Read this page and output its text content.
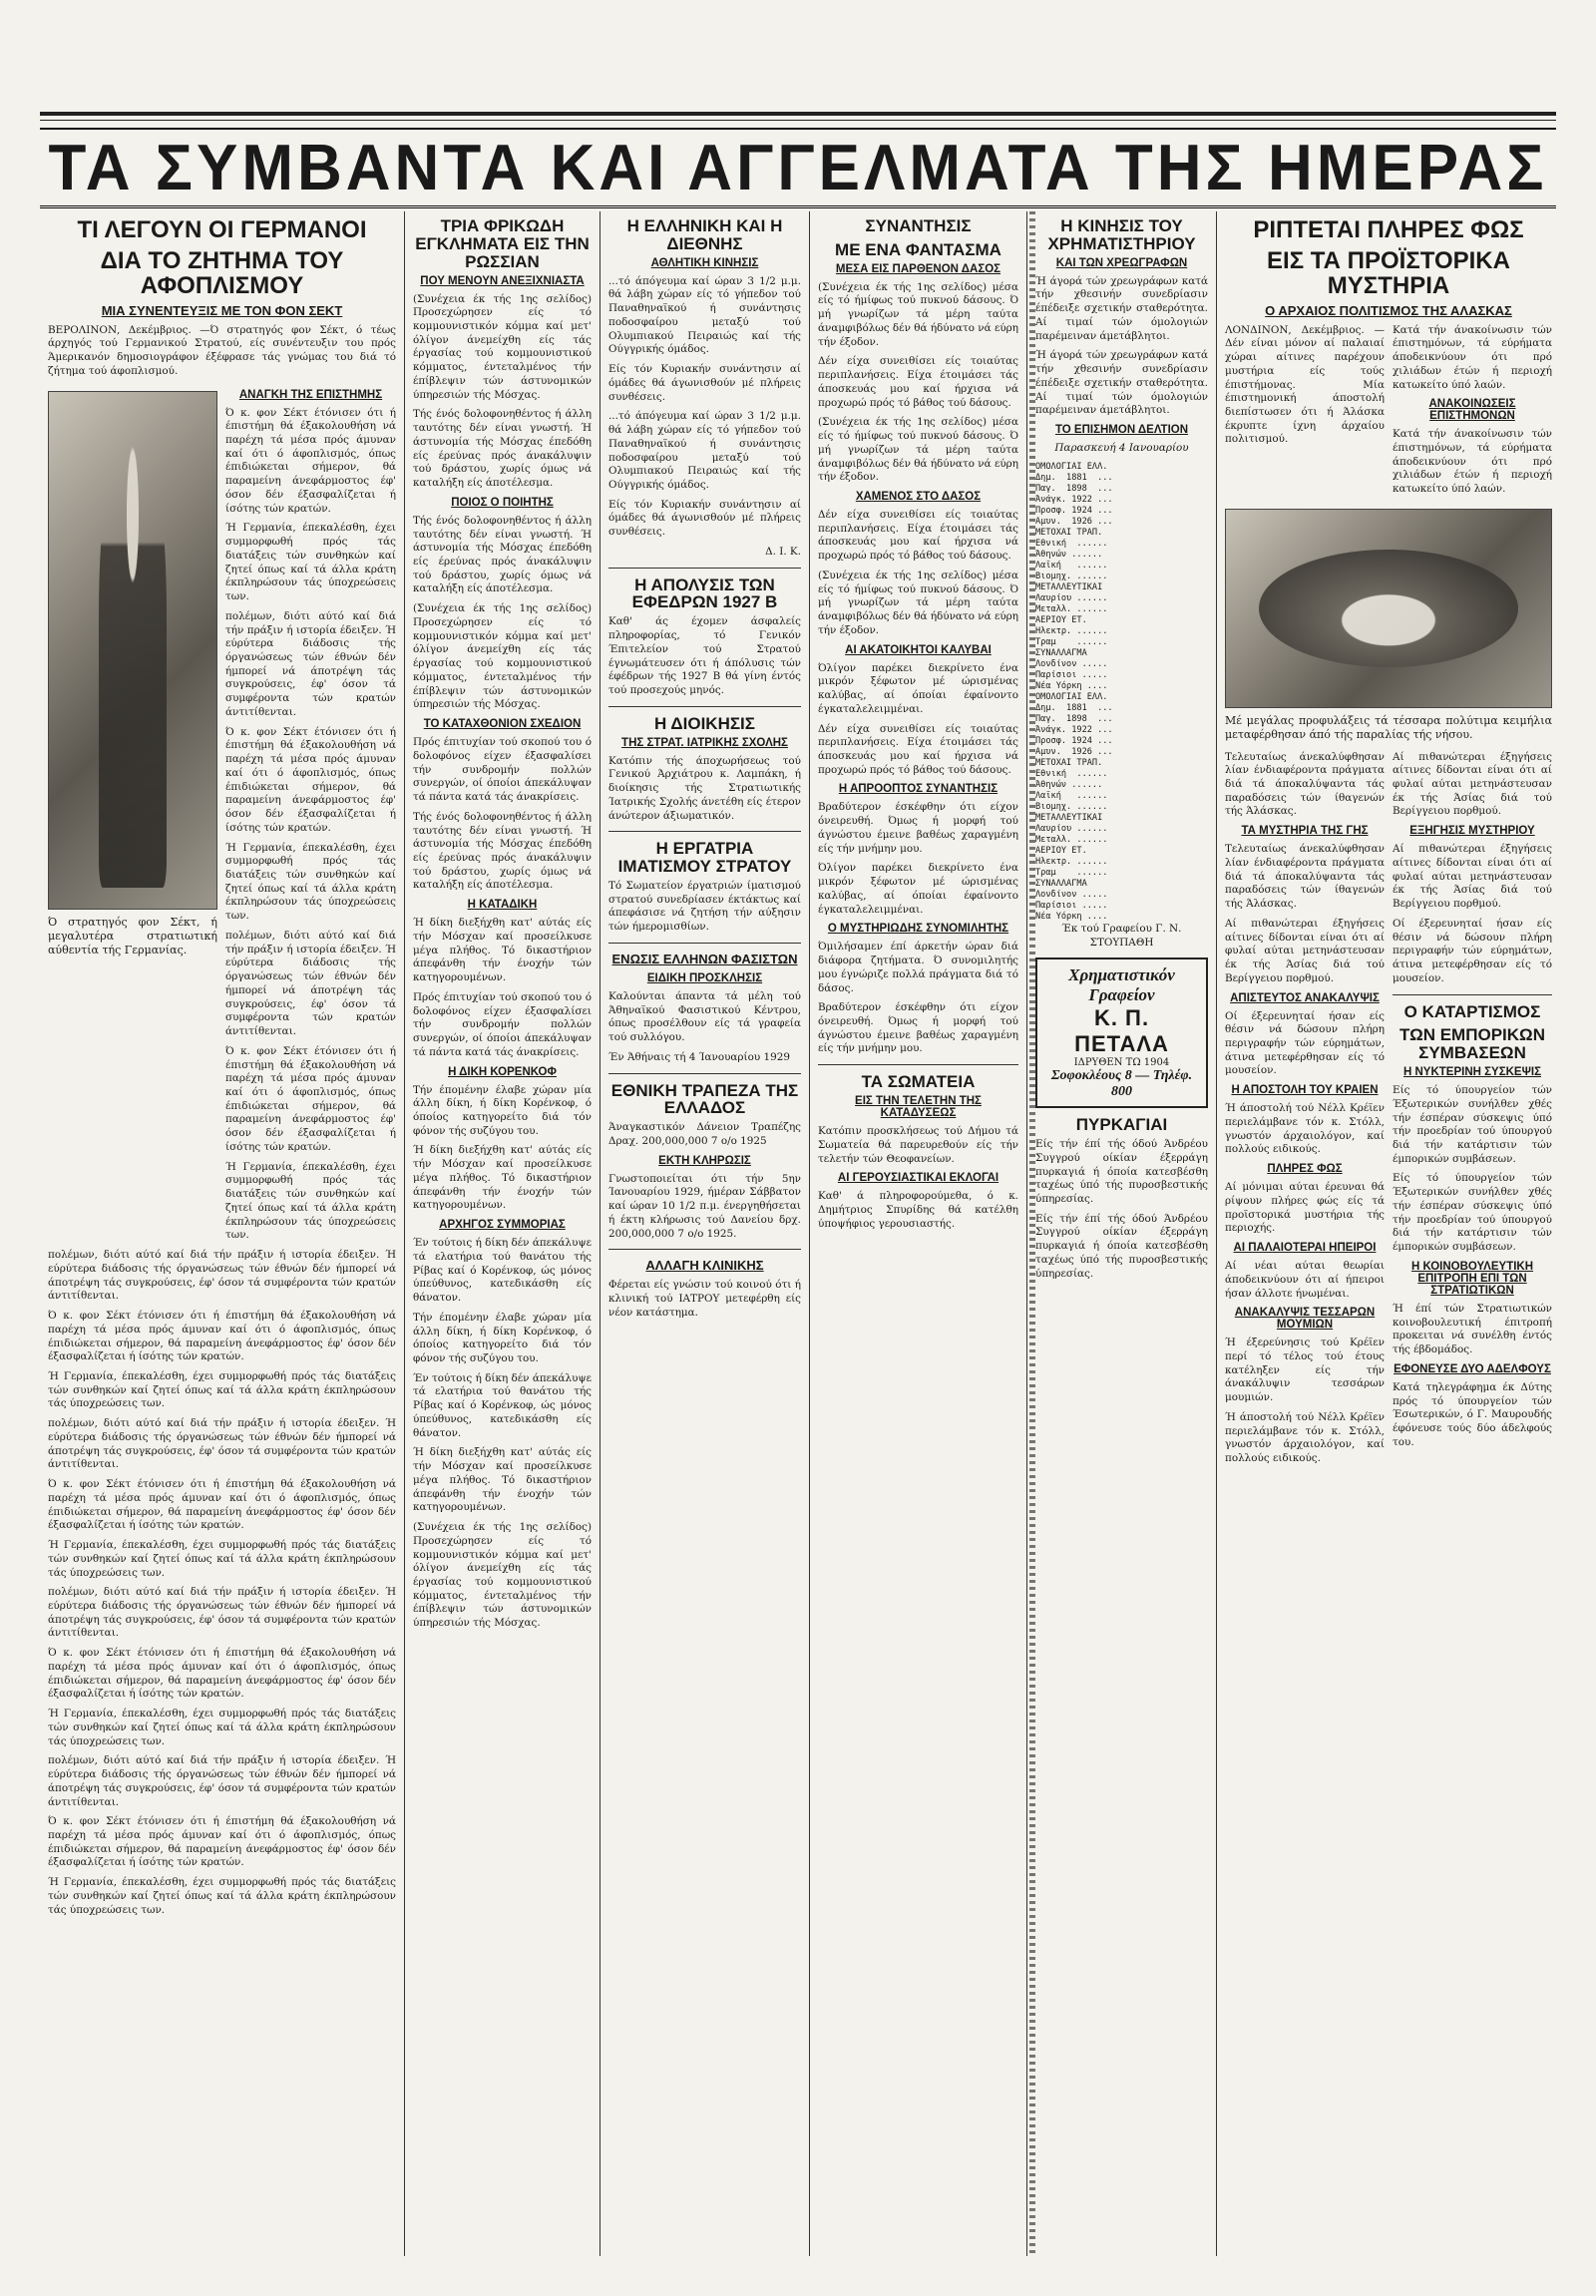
ΤΑ ΣΥΜΒΑΝΤΑ ΚΑΙ ΑΓΓΕΛΜΑΤΑ ΤΗΣ ΗΜΕΡΑΣ
ΤΙ ΛΕΓΟΥΝ ΟΙ ΓΕΡΜΑΝΟΙ
ΔΙΑ ΤΟ ΖΗΤΗΜΑ ΤΟΥ ΑΦΟΠΛΙΣΜΟΥ
ΜΙΑ ΣΥΝΕΝΤΕΥΞΙΣ ΜΕ ΤΟΝ ΦΟΝ ΣΕΚΤ

ΒΕΡΟΛΙΝΟΝ, Δεκέμβριος. —Ό στρατηγός φον Σέκτ, ό τέως άρχηγός τού Γερμανικού Στρατού, είς συνέντευξιν του πρός Άμερικανόν δημοσιογράφον έξέφρασε τάς γνώμας του διά τό ζήτημα τού άφοπλισμού.

Ό στρατηγός φον Σέκτ, ή μεγαλυτέρα στρατιωτική αύθεντία τής Γερμανίας.

ΑΝΑΓΚΗ ΤΗΣ ΕΠΙΣΤΗΜΗΣ

Ό κ. φον Σέκτ έτόνισεν ότι ή έπιστήμη θά έξακολουθήση νά παρέχη τά μέσα πρός άμυναν καί ότι ό άφοπλισμός, όπως έπιδιώκεται σήμερον, θά παραμείνη άνεφάρμοστος έφ' όσον δέν έξασφαλίζεται ή ίσότης τών κρατών.

Ή Γερμανία, έπεκαλέσθη, έχει συμμορφωθή πρός τάς διατάξεις τών συνθηκών καί ζητεί όπως καί τά άλλα κράτη έκπληρώσουν τάς ύποχρεώσεις των.

πολέμων, διότι αύτό καί διά τήν πράξιν ή ιστορία έδειξεν. Ή εύρύτερα διάδοσις τής όργανώσεως τών έθνών δέν ήμπορεί νά άποτρέψη τάς συγκρούσεις, έφ' όσον τά συμφέροντα τών κρατών άντιτίθενται.

Ό κ. φον Σέκτ έτόνισεν ότι ή έπιστήμη θά έξακολουθήση νά παρέχη τά μέσα πρός άμυναν καί ότι ό άφοπλισμός, όπως έπιδιώκεται σήμερον, θά παραμείνη άνεφάρμοστος έφ' όσον δέν έξασφαλίζεται ή ίσότης τών κρατών.

Ή Γερμανία, έπεκαλέσθη, έχει συμμορφωθή πρός τάς διατάξεις τών συνθηκών καί ζητεί όπως καί τά άλλα κράτη έκπληρώσουν τάς ύποχρεώσεις των.

πολέμων, διότι αύτό καί διά τήν πράξιν ή ιστορία έδειξεν. Ή εύρύτερα διάδοσις τής όργανώσεως τών έθνών δέν ήμπορεί νά άποτρέψη τάς συγκρούσεις, έφ' όσον τά συμφέροντα τών κρατών άντιτίθενται.

Ό κ. φον Σέκτ έτόνισεν ότι ή έπιστήμη θά έξακολουθήση νά παρέχη τά μέσα πρός άμυναν καί ότι ό άφοπλισμός, όπως έπιδιώκεται σήμερον, θά παραμείνη άνεφάρμοστος έφ' όσον δέν έξασφαλίζεται ή ίσότης τών κρατών.

Ή Γερμανία, έπεκαλέσθη, έχει συμμορφωθή πρός τάς διατάξεις τών συνθηκών καί ζητεί όπως καί τά άλλα κράτη έκπληρώσουν τάς ύποχρεώσεις των.

πολέμων, διότι αύτό καί διά τήν πράξιν ή ιστορία έδειξεν. Ή εύρύτερα διάδοσις τής όργανώσεως τών έθνών δέν ήμπορεί νά άποτρέψη τάς συγκρούσεις, έφ' όσον τά συμφέροντα τών κρατών άντιτίθενται.

Ό κ. φον Σέκτ έτόνισεν ότι ή έπιστήμη θά έξακολουθήση νά παρέχη τά μέσα πρός άμυναν καί ότι ό άφοπλισμός, όπως έπιδιώκεται σήμερον, θά παραμείνη άνεφάρμοστος έφ' όσον δέν έξασφαλίζεται ή ίσότης τών κρατών.

Ή Γερμανία, έπεκαλέσθη, έχει συμμορφωθή πρός τάς διατάξεις τών συνθηκών καί ζητεί όπως καί τά άλλα κράτη έκπληρώσουν τάς ύποχρεώσεις των.

πολέμων, διότι αύτό καί διά τήν πράξιν ή ιστορία έδειξεν. Ή εύρύτερα διάδοσις τής όργανώσεως τών έθνών δέν ήμπορεί νά άποτρέψη τάς συγκρούσεις, έφ' όσον τά συμφέροντα τών κρατών άντιτίθενται.

Ό κ. φον Σέκτ έτόνισεν ότι ή έπιστήμη θά έξακολουθήση νά παρέχη τά μέσα πρός άμυναν καί ότι ό άφοπλισμός, όπως έπιδιώκεται σήμερον, θά παραμείνη άνεφάρμοστος έφ' όσον δέν έξασφαλίζεται ή ίσότης τών κρατών.

Ή Γερμανία, έπεκαλέσθη, έχει συμμορφωθή πρός τάς διατάξεις τών συνθηκών καί ζητεί όπως καί τά άλλα κράτη έκπληρώσουν τάς ύποχρεώσεις των.

πολέμων, διότι αύτό καί διά τήν πράξιν ή ιστορία έδειξεν. Ή εύρύτερα διάδοσις τής όργανώσεως τών έθνών δέν ήμπορεί νά άποτρέψη τάς συγκρούσεις, έφ' όσον τά συμφέροντα τών κρατών άντιτίθενται.

Ό κ. φον Σέκτ έτόνισεν ότι ή έπιστήμη θά έξακολουθήση νά παρέχη τά μέσα πρός άμυναν καί ότι ό άφοπλισμός, όπως έπιδιώκεται σήμερον, θά παραμείνη άνεφάρμοστος έφ' όσον δέν έξασφαλίζεται ή ίσότης τών κρατών.

Ή Γερμανία, έπεκαλέσθη, έχει συμμορφωθή πρός τάς διατάξεις τών συνθηκών καί ζητεί όπως καί τά άλλα κράτη έκπληρώσουν τάς ύποχρεώσεις των.

πολέμων, διότι αύτό καί διά τήν πράξιν ή ιστορία έδειξεν. Ή εύρύτερα διάδοσις τής όργανώσεως τών έθνών δέν ήμπορεί νά άποτρέψη τάς συγκρούσεις, έφ' όσον τά συμφέροντα τών κρατών άντιτίθενται.

Ό κ. φον Σέκτ έτόνισεν ότι ή έπιστήμη θά έξακολουθήση νά παρέχη τά μέσα πρός άμυναν καί ότι ό άφοπλισμός, όπως έπιδιώκεται σήμερον, θά παραμείνη άνεφάρμοστος έφ' όσον δέν έξασφαλίζεται ή ίσότης τών κρατών.

Ή Γερμανία, έπεκαλέσθη, έχει συμμορφωθή πρός τάς διατάξεις τών συνθηκών καί ζητεί όπως καί τά άλλα κράτη έκπληρώσουν τάς ύποχρεώσεις των.

ΤΡΙΑ ΦΡΙΚΩΔΗ ΕΓΚΛΗΜΑΤΑ ΕΙΣ ΤΗΝ ΡΩΣΣΙΑΝ
ΠΟΥ ΜΕΝΟΥΝ ΑΝΕΞΙΧΝΙΑΣΤΑ

(Συνέχεια έκ τής 1ης σελίδος) Προσεχώρησεν είς τό κομμουνιστικόν κόμμα καί μετ' όλίγον άνεμείχθη είς τάς έργασίας τού κομμουνιστικού κόμματος, έντεταλμένος τήν έπίβλεψιν τών άστυνομικών ύπηρεσιών τής Μόσχας.

Τής ένός δολοφονηθέντος ή άλλη ταυτότης δέν είναι γνωστή. Ή άστυνομία τής Μόσχας έπεδόθη είς έρεύνας πρός άνακάλυψιν τού δράστου, χωρίς όμως νά καταλήξη είς άποτέλεσμα.

ΠΟΙΟΣ Ο ΠΟΙΗΤΗΣ

Τής ένός δολοφονηθέντος ή άλλη ταυτότης δέν είναι γνωστή. Ή άστυνομία τής Μόσχας έπεδόθη είς έρεύνας πρός άνακάλυψιν τού δράστου, χωρίς όμως νά καταλήξη είς άποτέλεσμα.

(Συνέχεια έκ τής 1ης σελίδος) Προσεχώρησεν είς τό κομμουνιστικόν κόμμα καί μετ' όλίγον άνεμείχθη είς τάς έργασίας τού κομμουνιστικού κόμματος, έντεταλμένος τήν έπίβλεψιν τών άστυνομικών ύπηρεσιών τής Μόσχας.

ΤΟ ΚΑΤΑΧΘΟΝΙΟΝ ΣΧΕΔΙΟΝ

Πρός έπιτυχίαν τού σκοπού του ό δολοφόνος είχεν έξασφαλίσει τήν συνδρομήν πολλών συνεργών, οί όποίοι άπεκάλυψαν τά πάντα κατά τάς άνακρίσεις.

Τής ένός δολοφονηθέντος ή άλλη ταυτότης δέν είναι γνωστή. Ή άστυνομία τής Μόσχας έπεδόθη είς έρεύνας πρός άνακάλυψιν τού δράστου, χωρίς όμως νά καταλήξη είς άποτέλεσμα.

Η ΚΑΤΑΔΙΚΗ

Ή δίκη διεξήχθη κατ' αύτάς είς τήν Μόσχαν καί προσείλκυσε μέγα πλήθος. Τό δικαστήριον άπεφάνθη τήν ένοχήν τών κατηγορουμένων.

Πρός έπιτυχίαν τού σκοπού του ό δολοφόνος είχεν έξασφαλίσει τήν συνδρομήν πολλών συνεργών, οί όποίοι άπεκάλυψαν τά πάντα κατά τάς άνακρίσεις.

Η ΔΙΚΗ ΚΟΡΕΝΚΟΦ

Τήν έπομένην έλαβε χώραν μία άλλη δίκη, ή δίκη Κορένκοφ, ό όποίος κατηγορείτο διά τόν φόνον τής συζύγου του.

Ή δίκη διεξήχθη κατ' αύτάς είς τήν Μόσχαν καί προσείλκυσε μέγα πλήθος. Τό δικαστήριον άπεφάνθη τήν ένοχήν τών κατηγορουμένων.

ΑΡΧΗΓΟΣ ΣΥΜΜΟΡΙΑΣ

Έν τούτοις ή δίκη δέν άπεκάλυψε τά ελατήρια τού θανάτου τής Ρίβας καί ό Κορένκοφ, ώς μόνος ύπεύθυνος, κατεδικάσθη είς θάνατον.

Τήν έπομένην έλαβε χώραν μία άλλη δίκη, ή δίκη Κορένκοφ, ό όποίος κατηγορείτο διά τόν φόνον τής συζύγου του.

Έν τούτοις ή δίκη δέν άπεκάλυψε τά ελατήρια τού θανάτου τής Ρίβας καί ό Κορένκοφ, ώς μόνος ύπεύθυνος, κατεδικάσθη είς θάνατον.

Ή δίκη διεξήχθη κατ' αύτάς είς τήν Μόσχαν καί προσείλκυσε μέγα πλήθος. Τό δικαστήριον άπεφάνθη τήν ένοχήν τών κατηγορουμένων.

(Συνέχεια έκ τής 1ης σελίδος) Προσεχώρησεν είς τό κομμουνιστικόν κόμμα καί μετ' όλίγον άνεμείχθη είς τάς έργασίας τού κομμουνιστικού κόμματος, έντεταλμένος τήν έπίβλεψιν τών άστυνομικών ύπηρεσιών τής Μόσχας.

Η ΕΛΛΗΝΙΚΗ ΚΑΙ Η ΔΙΕΘΝΗΣ
ΑΘΛΗΤΙΚΗ ΚΙΝΗΣΙΣ

...τό άπόγευμα καί ώραν 3 1/2 μ.μ. θά λάβη χώραν είς τό γήπεδον τού Παναθηναϊκού ή συνάντησις ποδοσφαίρου μεταξύ τού Ολυμπιακού Πειραιώς καί τής Ούγγρικής όμάδος.

Είς τόν Κυριακήν συνάντησιν αί όμάδες θά άγωνισθούν μέ πλήρεις συνθέσεις.

...τό άπόγευμα καί ώραν 3 1/2 μ.μ. θά λάβη χώραν είς τό γήπεδον τού Παναθηναϊκού ή συνάντησις ποδοσφαίρου μεταξύ τού Ολυμπιακού Πειραιώς καί τής Ούγγρικής όμάδος.

Είς τόν Κυριακήν συνάντησιν αί όμάδες θά άγωνισθούν μέ πλήρεις συνθέσεις.

Δ. Ι. Κ.

Η ΑΠΟΛΥΣΙΣ ΤΩΝ ΕΦΕΔΡΩΝ 1927 Β

Καθ' άς έχομεν άσφαλείς πληροφορίας, τό Γενικόν Έπιτελείον τού Στρατού έγνωμάτευσεν ότι ή άπόλυσις τών έφέδρων τής 1927 Β θά γίνη έντός τού προσεχούς μηνός.

Η ΔΙΟΙΚΗΣΙΣ
ΤΗΣ ΣΤΡΑΤ. ΙΑΤΡΙΚΗΣ ΣΧΟΛΗΣ

Κατόπιν τής άποχωρήσεως τού Γενικού Άρχιάτρου κ. Λαμπάκη, ή διοίκησις τής Στρατιωτικής Ίατρικής Σχολής άνετέθη είς έτερον άνώτερον άξιωματικόν.

Η ΕΡΓΑΤΡΙΑ ΙΜΑΤΙΣΜΟΥ ΣΤΡΑΤΟΥ

Τό Σωματείον έργατριών ίματισμού στρατού συνεδρίασεν έκτάκτως καί άπεφάσισε νά ζητήση τήν αύξησιν τών ήμερομισθίων.

ΕΝΩΣΙΣ ΕΛΛΗΝΩΝ ΦΑΣΙΣΤΩΝ
ΕΙΔΙΚΗ ΠΡΟΣΚΛΗΣΙΣ

Καλούνται άπαντα τά μέλη τού Άθηναϊκού Φασιστικού Κέντρου, όπως προσέλθουν είς τά γραφεία τού συλλόγου.

Έν Άθήναις τή 4 Ίανουαρίου 1929

ΕΘΝΙΚΗ ΤΡΑΠΕΖΑ ΤΗΣ ΕΛΛΑΔΟΣ

Άναγκαστικόν Δάνειον Τραπέζης Δραχ. 200,000,000 7 ο/ο 1925

ΕΚΤΗ ΚΛΗΡΩΣΙΣ

Γνωστοποιείται ότι τήν 5ην Ίανουαρίου 1929, ήμέραν Σάββατον καί ώραν 10 1/2 π.μ. ένεργηθήσεται ή έκτη κλήρωσις τού Δανείου δρχ. 200,000,000 7 ο/ο 1925.

ΑΛΛΑΓΗ ΚΛΙΝΙΚΗΣ

Φέρεται είς γνώσιν τού κοινού ότι ή κλινική τού ΙΑΤΡΟΥ μετεφέρθη είς νέον κατάστημα.

ΣΥΝΑΝΤΗΣΙΣ
ΜΕ ΕΝΑ ΦΑΝΤΑΣΜΑ
ΜΕΣΑ ΕΙΣ ΠΑΡΘΕΝΟΝ ΔΑΣΟΣ

(Συνέχεια έκ τής 1ης σελίδος) μέσα είς τό ήμίφως τού πυκνού δάσους. Ό μή γνωρίζων τά μέρη ταύτα άναμφιβόλως δέν θά ήδύνατο νά εύρη τήν έξοδον.

Δέν είχα συνειθίσει είς τοιαύτας περιπλανήσεις. Είχα έτοιμάσει τάς άποσκευάς μου καί ήρχισα νά προχωρώ πρός τό βάθος τού δάσους.

(Συνέχεια έκ τής 1ης σελίδος) μέσα είς τό ήμίφως τού πυκνού δάσους. Ό μή γνωρίζων τά μέρη ταύτα άναμφιβόλως δέν θά ήδύνατο νά εύρη τήν έξοδον.

ΧΑΜΕΝΟΣ ΣΤΟ ΔΑΣΟΣ

Δέν είχα συνειθίσει είς τοιαύτας περιπλανήσεις. Είχα έτοιμάσει τάς άποσκευάς μου καί ήρχισα νά προχωρώ πρός τό βάθος τού δάσους.

(Συνέχεια έκ τής 1ης σελίδος) μέσα είς τό ήμίφως τού πυκνού δάσους. Ό μή γνωρίζων τά μέρη ταύτα άναμφιβόλως δέν θά ήδύνατο νά εύρη τήν έξοδον.

ΑΙ ΑΚΑΤΟΙΚΗΤΟΙ ΚΑΛΥΒΑΙ

Όλίγον παρέκει διεκρίνετο ένα μικρόν ξέφωτον μέ ώρισμένας καλύβας, αί όποίαι έφαίνοντο έγκαταλελειμμέναι.

Δέν είχα συνειθίσει είς τοιαύτας περιπλανήσεις. Είχα έτοιμάσει τάς άποσκευάς μου καί ήρχισα νά προχωρώ πρός τό βάθος τού δάσους.

Η ΑΠΡΟΟΠΤΟΣ ΣΥΝΑΝΤΗΣΙΣ

Βραδύτερον έσκέφθην ότι είχον όνειρευθή. Όμως ή μορφή τού άγνώστου έμεινε βαθέως χαραγμένη είς τήν μνήμην μου.

Όλίγον παρέκει διεκρίνετο ένα μικρόν ξέφωτον μέ ώρισμένας καλύβας, αί όποίαι έφαίνοντο έγκαταλελειμμέναι.

Ο ΜΥΣΤΗΡΙΩΔΗΣ ΣΥΝΟΜΙΛΗΤΗΣ

Όμιλήσαμεν έπί άρκετήν ώραν διά διάφορα ζητήματα. Ό συνομιλητής μου έγνώριζε πολλά πράγματα διά τό δάσος.

Βραδύτερον έσκέφθην ότι είχον όνειρευθή. Όμως ή μορφή τού άγνώστου έμεινε βαθέως χαραγμένη είς τήν μνήμην μου.

ΤΑ ΣΩΜΑΤΕΙΑ
ΕΙΣ ΤΗΝ ΤΕΛΕΤΗΝ ΤΗΣ ΚΑΤΑΔΥΣΕΩΣ

Κατόπιν προσκλήσεως τού Δήμου τά Σωματεία θά παρευρεθούν είς τήν τελετήν τών Θεοφανείων.

ΑΙ ΓΕΡΟΥΣΙΑΣΤΙΚΑΙ ΕΚΛΟΓΑΙ

Καθ' ά πληροφορούμεθα, ό κ. Δημήτριος Σπυρίδης θά κατέλθη ύποψήφιος γερουσιαστής.

Η ΚΙΝΗΣΙΣ ΤΟΥ ΧΡΗΜΑΤΙΣΤΗΡΙΟΥ
ΚΑΙ ΤΩΝ ΧΡΕΩΓΡΑΦΩΝ

Ή άγορά τών χρεωγράφων κατά τήν χθεσινήν συνεδρίασιν έπέδειξε σχετικήν σταθερότητα. Αί τιμαί τών όμολογιών παρέμειναν άμετάβλητοι.

Ή άγορά τών χρεωγράφων κατά τήν χθεσινήν συνεδρίασιν έπέδειξε σχετικήν σταθερότητα. Αί τιμαί τών όμολογιών παρέμειναν άμετάβλητοι.

ΤΟ ΕΠΙΣΗΜΟΝ ΔΕΛΤΙΟΝ
Παρασκευή 4 Ιανουαρίου
ΟΜΟΛΟΓΙΑΙ ΕΛΛ.
Δημ.  1881  ...
Παγ.  1898  ...
Άνάγκ. 1922 ...
Προσφ. 1924 ...
Αμυν.  1926 ...
ΜΕΤΟΧΑΙ ΤΡΑΠ.
Εθνική  ......
Άθηνών ......
Λαϊκή   ......
Βιομηχ. ......
ΜΕΤΑΛΛΕΥΤΙΚΑΙ
Λαυρίου ......
Μεταλλ. ......
ΑΕΡΙΟΥ ΕΤ.
Ηλεκτρ. ......
Τραμ    ......
ΣΥΝΑΛΛΑΓΜΑ
Λονδίνον .....
Παρίσιοι .....
Νέα Υόρκη ....
ΟΜΟΛΟΓΙΑΙ ΕΛΛ.
Δημ.  1881  ...
Παγ.  1898  ...
Άνάγκ. 1922 ...
Προσφ. 1924 ...
Αμυν.  1926 ...
ΜΕΤΟΧΑΙ ΤΡΑΠ.
Εθνική  ......
Άθηνών ......
Λαϊκή   ......
Βιομηχ. ......
ΜΕΤΑΛΛΕΥΤΙΚΑΙ
Λαυρίου ......
Μεταλλ. ......
ΑΕΡΙΟΥ ΕΤ.
Ηλεκτρ. ......
Τραμ    ......
ΣΥΝΑΛΛΑΓΜΑ
Λονδίνον .....
Παρίσιοι .....
Νέα Υόρκη ....

Έκ τού Γραφείου Γ. Ν. ΣΤΟΥΠΑΘΗ

Χρηματιστικόν Γραφείον
Κ. Π. ΠΕΤΑΛΑ
ΙΔΡΥΘΕΝ ΤΩ 1904
Σοφοκλέους 8 — Τηλέφ. 800
ΠΥΡΚΑΓΙΑΙ

Είς τήν έπί τής όδού Άνδρέου Συγγρού οίκίαν έξερράγη πυρκαγιά ή όποία κατεσβέσθη ταχέως ύπό τής πυροσβεστικής ύπηρεσίας.

Είς τήν έπί τής όδού Άνδρέου Συγγρού οίκίαν έξερράγη πυρκαγιά ή όποία κατεσβέσθη ταχέως ύπό τής πυροσβεστικής ύπηρεσίας.

ΡΙΠΤΕΤΑΙ ΠΛΗΡΕΣ ΦΩΣ
ΕΙΣ ΤΑ ΠΡΟΪΣΤΟΡΙΚΑ ΜΥΣΤΗΡΙΑ
Ο ΑΡΧΑΙΟΣ ΠΟΛΙΤΙΣΜΟΣ ΤΗΣ ΑΛΑΣΚΑΣ

ΛΟΝΔΙΝΟΝ, Δεκέμβριος. — Δέν είναι μόνον αί παλαιαί χώραι αίτινες παρέχουν μυστήρια είς τούς έπιστήμονας. Μία έπιστημονική άποστολή διεπίστωσεν ότι ή Άλάσκα έκρυπτε ίχνη άρχαίου πολιτισμού.

Κατά τήν άνακοίνωσιν τών έπιστημόνων, τά εύρήματα άποδεικνύουν ότι πρό χιλιάδων έτών ή περιοχή κατωκείτο ύπό λαών.

ΑΝΑΚΟΙΝΩΣΕΙΣ ΕΠΙΣΤΗΜΟΝΩΝ

Κατά τήν άνακοίνωσιν τών έπιστημόνων, τά εύρήματα άποδεικνύουν ότι πρό χιλιάδων έτών ή περιοχή κατωκείτο ύπό λαών.

Μέ μεγάλας προφυλάξεις τά τέσσαρα πολύτιμα κειμήλια μεταφέρθησαν άπό τής παραλίας τής νήσου.

Τελευταίως άνεκαλύφθησαν λίαν ένδιαφέροντα πράγματα διά τά άποκαλύψαντα τάς παραδόσεις τών ίθαγενών τής Άλάσκας.

ΤΑ ΜΥΣΤΗΡΙΑ ΤΗΣ ΓΗΣ

Τελευταίως άνεκαλύφθησαν λίαν ένδιαφέροντα πράγματα διά τά άποκαλύψαντα τάς παραδόσεις τών ίθαγενών τής Άλάσκας.

Αί πιθανώτεραι έξηγήσεις αίτινες δίδονται είναι ότι αί φυλαί αύται μετηνάστευσαν έκ τής Άσίας διά τού Βερίγγειου πορθμού.

ΑΠΙΣΤΕΥΤΟΣ ΑΝΑΚΑΛΥΨΙΣ

Οί έξερευνηταί ήσαν είς θέσιν νά δώσουν πλήρη περιγραφήν τών εύρημάτων, άτινα μετεφέρθησαν είς τό μουσείον.

Η ΑΠΟΣΤΟΛΗ ΤΟΥ ΚΡΑΙΕΝ

Ή άποστολή τού Νέλλ Κρέϊεν περιελάμβανε τόν κ. Στόλλ, γνωστόν άρχαιολόγον, καί πολλούς ειδικούς.

ΠΛΗΡΕΣ ΦΩΣ

Αί μόνιμαι αύται έρευναι θά ρίψουν πλήρες φώς είς τά προϊστορικά μυστήρια τής περιοχής.

ΑΙ ΠΑΛΑΙΟΤΕΡΑΙ ΗΠΕΙΡΟΙ

Αί νέαι αύται θεωρίαι άποδεικνύουν ότι αί ήπειροι ήσαν άλλοτε ήνωμέναι.

ΑΝΑΚΑΛΥΨΙΣ ΤΕΣΣΑΡΩΝ ΜΟΥΜΙΩΝ

Ή έξερεύνησις τού Κρέϊεν περί τό τέλος τού έτους κατέληξεν είς τήν άνακάλυψιν τεσσάρων μουμιών.

Ή άποστολή τού Νέλλ Κρέϊεν περιελάμβανε τόν κ. Στόλλ, γνωστόν άρχαιολόγον, καί πολλούς ειδικούς.

Αί πιθανώτεραι έξηγήσεις αίτινες δίδονται είναι ότι αί φυλαί αύται μετηνάστευσαν έκ τής Άσίας διά τού Βερίγγειου πορθμού.

ΕΞΗΓΗΣΙΣ ΜΥΣΤΗΡΙΟΥ

Αί πιθανώτεραι έξηγήσεις αίτινες δίδονται είναι ότι αί φυλαί αύται μετηνάστευσαν έκ τής Άσίας διά τού Βερίγγειου πορθμού.

Οί έξερευνηταί ήσαν είς θέσιν νά δώσουν πλήρη περιγραφήν τών εύρημάτων, άτινα μετεφέρθησαν είς τό μουσείον.

Ο ΚΑΤΑΡΤΙΣΜΟΣ
ΤΩΝ ΕΜΠΟΡΙΚΩΝ ΣΥΜΒΑΣΕΩΝ
Η ΝΥΚΤΕΡΙΝΗ ΣΥΣΚΕΨΙΣ

Είς τό ύπουργείον τών Έξωτερικών συνήλθεν χθές τήν έσπέραν σύσκεψις ύπό τήν προεδρίαν τού ύπουργού διά τήν κατάρτισιν τών έμπορικών συμβάσεων.

Είς τό ύπουργείον τών Έξωτερικών συνήλθεν χθές τήν έσπέραν σύσκεψις ύπό τήν προεδρίαν τού ύπουργού διά τήν κατάρτισιν τών έμπορικών συμβάσεων.

Η ΚΟΙΝΟΒΟΥΛΕΥΤΙΚΗ ΕΠΙΤΡΟΠΗ ΕΠΙ ΤΩΝ ΣΤΡΑΤΙΩΤΙΚΩΝ

Ή έπί τών Στρατιωτικών κοινοβουλευτική έπιτροπή προκειται νά συνέλθη έντός τής έβδομάδος.

ΕΦΟΝΕΥΣΕ ΔΥΟ ΑΔΕΛΦΟΥΣ

Κατά τηλεγράφημα έκ Δύτης πρός τό ύπουργείον τών Έσωτερικών, ό Γ. Μαυρουδής έφόνευσε τούς δύο άδελφούς του.
